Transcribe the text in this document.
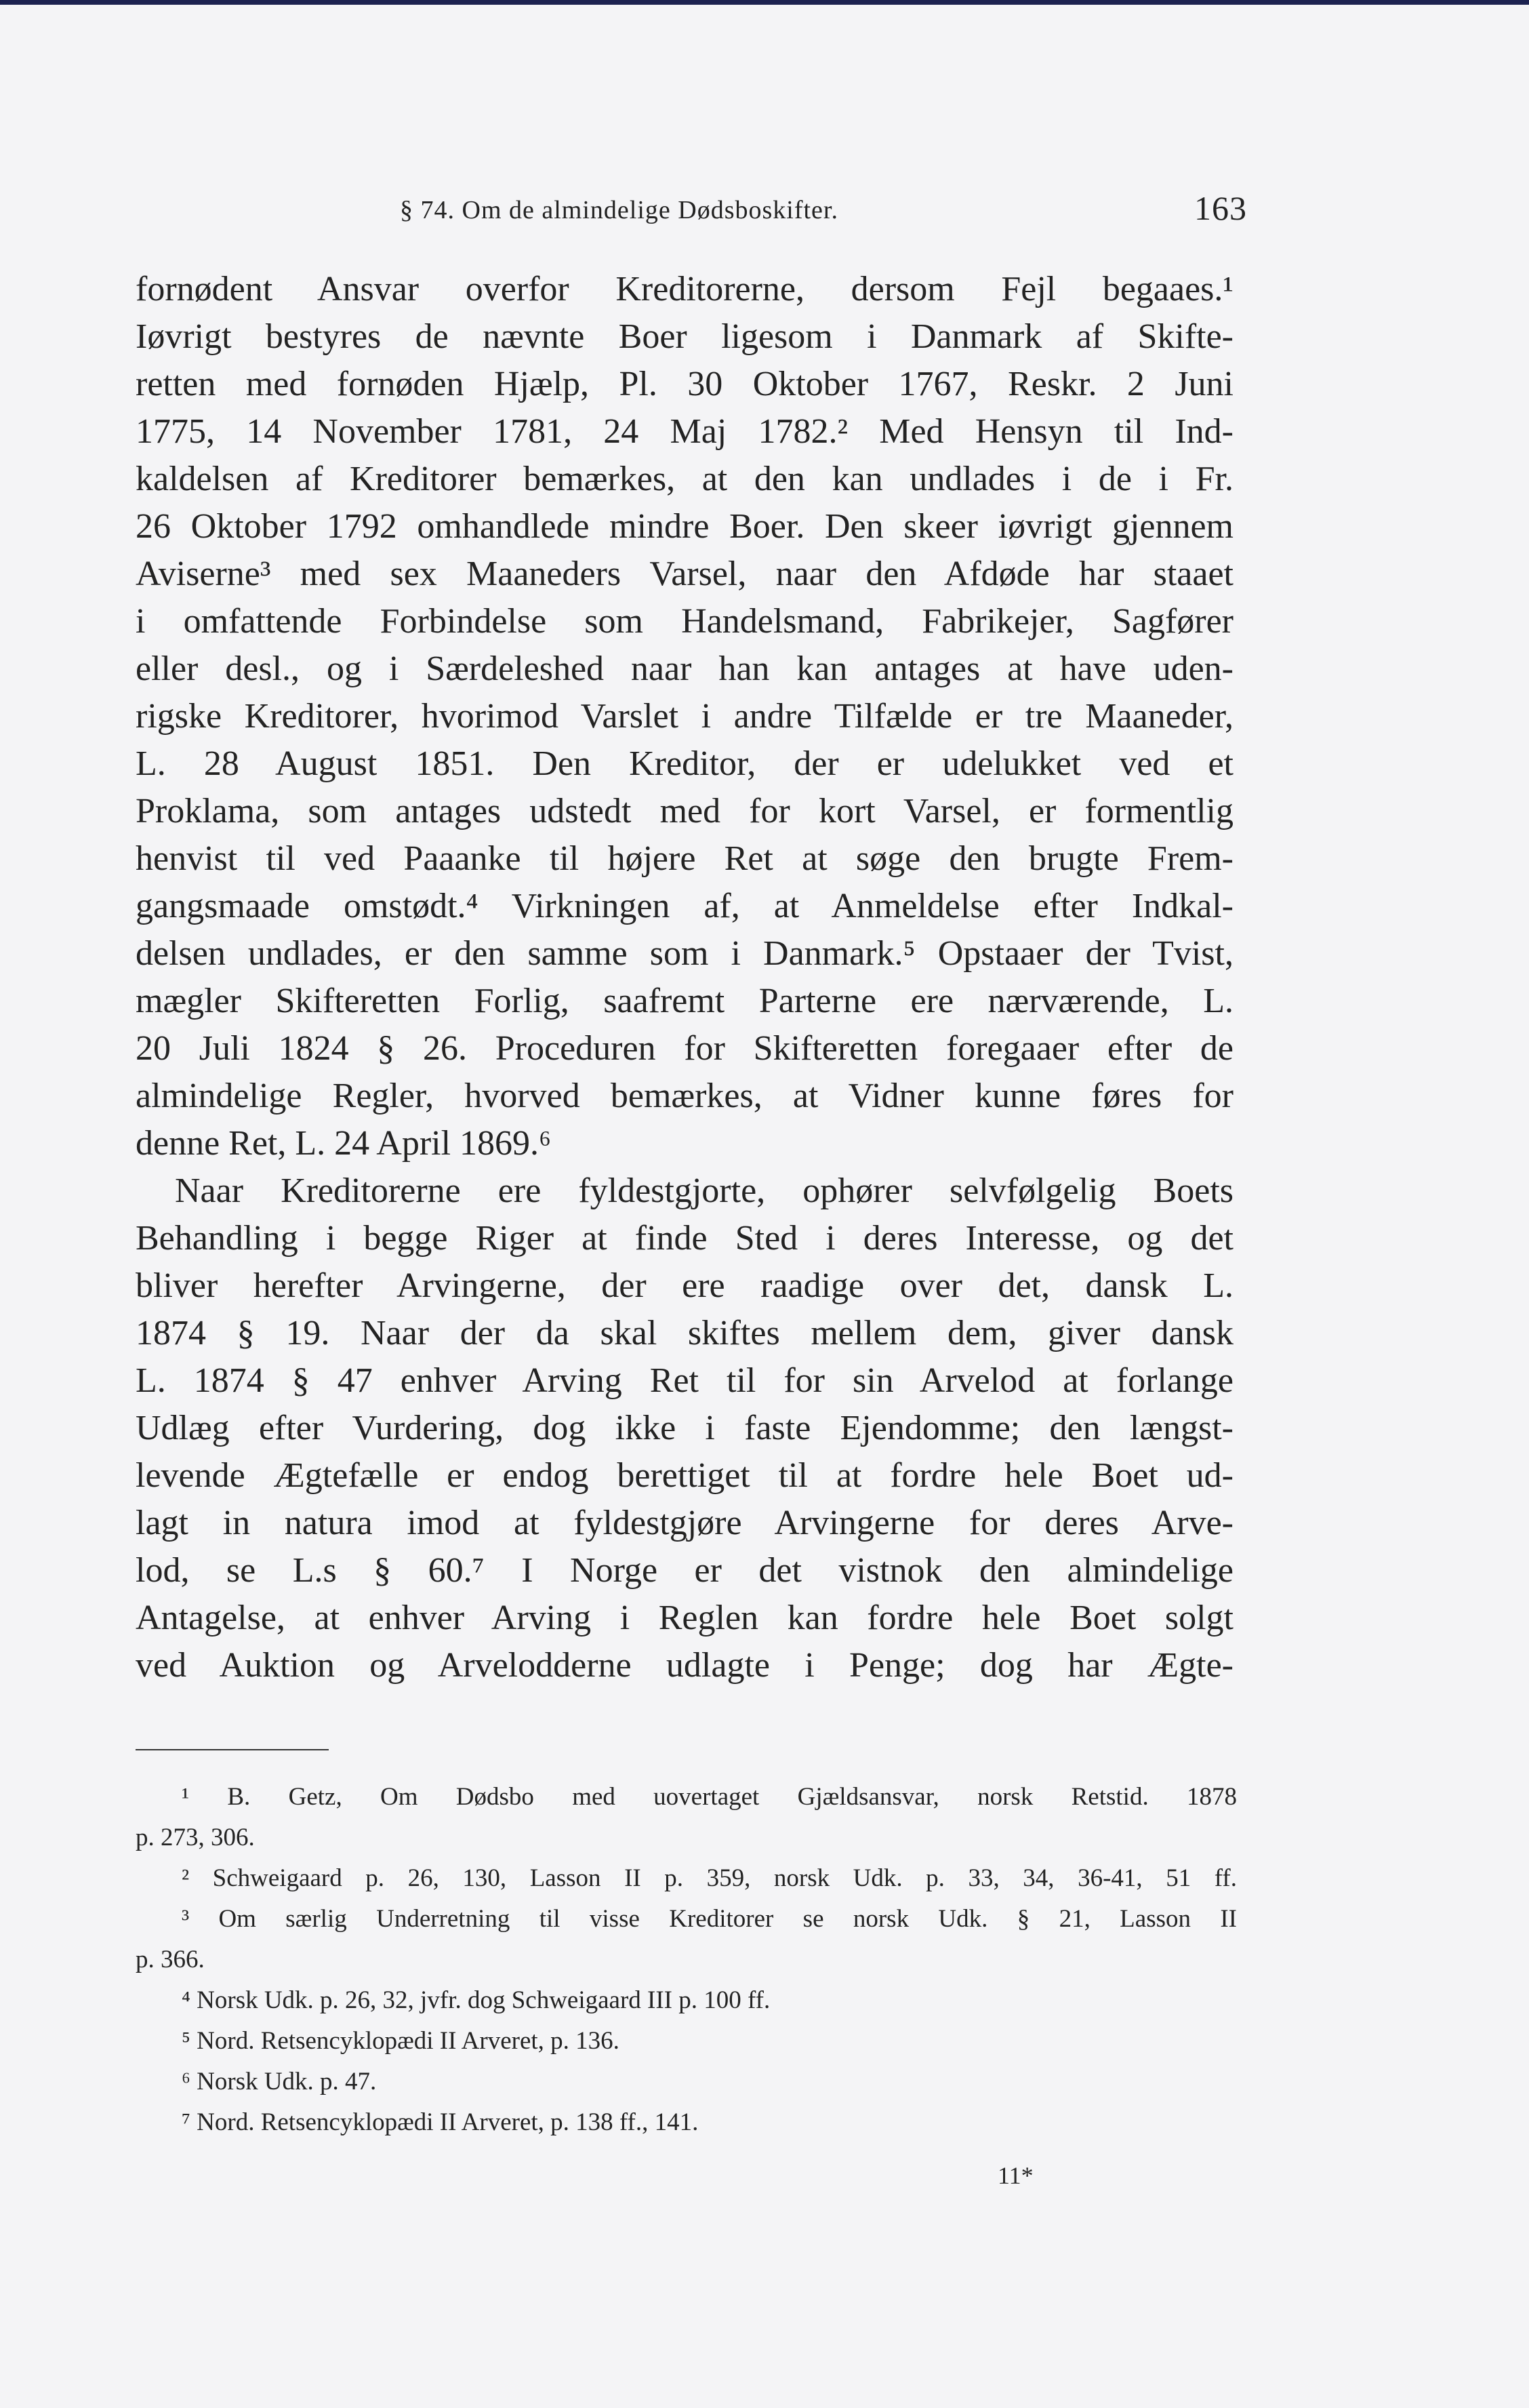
§ 74. Om de almindelige Dødsboskifter.	163
fornødent Ansvar overfor Kreditorerne, dersom Fejl begaaes.¹
Iøvrigt bestyres de nævnte Boer ligesom i Danmark af Skifte-
retten med fornøden Hjælp, Pl. 30 Oktober 1767, Reskr. 2 Juni
1775, 14 November 1781, 24 Maj 1782.² Med Hensyn til Ind-
kaldelsen af Kreditorer bemærkes, at den kan undlades i de i Fr.
26 Oktober 1792 omhandlede mindre Boer. Den skeer iøvrigt gjennem
Aviserne³ med sex Maaneders Varsel, naar den Afdøde har staaet
i omfattende Forbindelse som Handelsmand, Fabrikejer, Sagfører
eller desl., og i Særdeleshed naar han kan antages at have uden-
rigske Kreditorer, hvorimod Varslet i andre Tilfælde er tre Maaneder,
L. 28 August 1851. Den Kreditor, der er udelukket ved et
Proklama, som antages udstedt med for kort Varsel, er formentlig
henvist til ved Paaanke til højere Ret at søge den brugte Frem-
gangsmaade omstødt.⁴ Virkningen af, at Anmeldelse efter Indkal-
delsen undlades, er den samme som i Danmark.⁵ Opstaaer der Tvist,
mægler Skifteretten Forlig, saafremt Parterne ere nærværende, L.
20 Juli 1824 § 26. Proceduren for Skifteretten foregaaer efter de
almindelige Regler, hvorved bemærkes, at Vidner kunne føres for
denne Ret, L. 24 April 1869.⁶
Naar Kreditorerne ere fyldestgjorte, ophører selvfølgelig Boets
Behandling i begge Riger at finde Sted i deres Interesse, og det
bliver herefter Arvingerne, der ere raadige over det, dansk L.
1874 § 19. Naar der da skal skiftes mellem dem, giver dansk
L. 1874 § 47 enhver Arving Ret til for sin Arvelod at forlange
Udlæg efter Vurdering, dog ikke i faste Ejendomme; den længst-
levende Ægtefælle er endog berettiget til at fordre hele Boet ud-
lagt in natura imod at fyldestgjøre Arvingerne for deres Arve-
lod, se L.s § 60.⁷ I Norge er det vistnok den almindelige
Antagelse, at enhver Arving i Reglen kan fordre hele Boet solgt
ved Auktion og Arvelodderne udlagte i Penge; dog har Ægte-
¹ B. Getz, Om Dødsbo med uovertaget Gjældsansvar, norsk Retstid. 1878
p. 273, 306.
² Schweigaard p. 26, 130, Lasson II p. 359, norsk Udk. p. 33, 34, 36-41, 51 ff.
³ Om særlig Underretning til visse Kreditorer se norsk Udk. § 21, Lasson II
p. 366.
⁴ Norsk Udk. p. 26, 32, jvfr. dog Schweigaard III p. 100 ff.
⁵ Nord. Retsencyklopædi II Arveret, p. 136.
⁶ Norsk Udk. p. 47.
⁷ Nord. Retsencyklopædi II Arveret, p. 138 ff., 141.
11*
